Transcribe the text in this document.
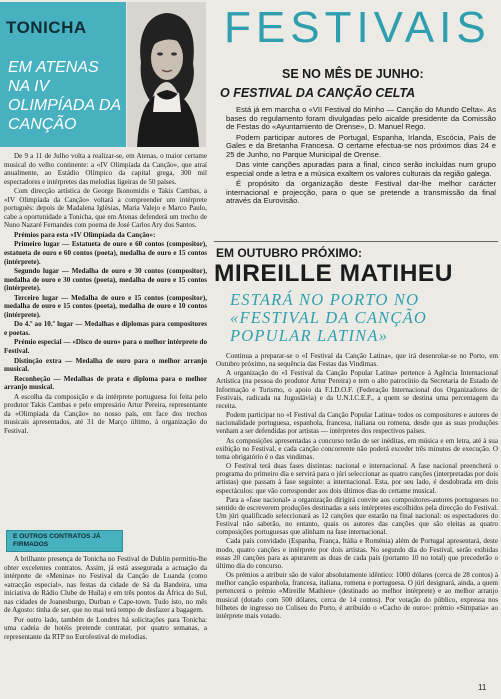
TONICHA
EM ATENAS NA IV OLIMPÍADA DA CANÇÃO

De 9 a 11 de Julho volta a realizar-se, em Atenas, o maior certame musical do velho continente: a «IV Olimpíada da Canção», que atraí anualmente, ao Estádio Olímpico da capital grega, 300 mil espectadores e intérpretes das melodias ligeiras de 50 países.

Com direcção artística de George Ikonomidis e Takis Cambas, a «IV Olimpíada da Canção» voltará a compreender um intérprete portuguès: depois de Madalena Iglésias, Maria Valejo e Marco Paulo, cabe a oportunidade a Tonicha, que em Atenas defenderá um trecho de Nuno Nazaré Fernandes com poema de José Carlos Ary dos Santos.

Prémios para esta «IV Olimpíada da Canção»:

Primeiro lugar — Estatueta de ouro e 60 contos (compositor), estatueta de ouro e 60 contos (poeta), medalha de ouro e 15 contos (intérprete).

Segundo lugar — Medalha de ouro e 30 contos (compositor), medalha de ouro e 30 contos (poeta), medalha de ouro e 15 contos (intérprete).

Terceiro lugar — Medalha de ouro e 15 contos (compositor), medalha de ouro e 15 contos (poeta), medalha de ouro e 10 contos (intérprete).

Do 4.º ao 10.º lugar — Medalhas e diplomas para compositores e poetas.

Prémio especial — «Disco de ouro» para o melhor intérprete do Festival.

Distinção extra — Medalha de ouro para o melhor arranjo musical.

Reconheção — Medalhas de prata e diploma para o melhor arranjo musical.

A escolha da composição e da intérprete portuguesa foi feita pelo produtor Takis Cambas e pelo empresário Artur Pereira, representante da «Olimpíada da Canção» no nosso país, em face dos trechos musicais apresentados, até 31 de Março último, à organização do Festival.

E OUTROS CONTRATOS JÁ FIRMADOS

A brilhante presença de Tonicha no Festival de Dublin permitiu-lhe obter excelentes contratos. Assim, já está assegurada a actuação da intérprete de «Menina» no Festival da Canção de Luanda (como «atracção especial», nas festas da cidade de Sá da Bandeira, uma iniciativa de Rádio Clube de Huíla) e em três pontos da África do Sul, nas cidades de Joanesburgo, Durban e Cape-town. Tudo isto, no mês de Agosto: tinha de ser, que no mai terá tempo de desfazer a bagagem.

Por outro lado, também de Londres há solicitações para Tonicha: uma cadeia de hotéis pretende contratar, por quatro semanas, a representante da RTP no Eurofestival de melodias.

FESTIVAIS
SE NO MÊS DE JUNHO:
O FESTIVAL DA CANÇÃO CELTA

Está já em marcha o «VII Festival do Minho — Canção do Mundo Celta». As bases do regulamento foram divulgadas pelo aicalde presidente da Comissão de Festas do «Ayuntamiento de Orense», D. Manuel Rego.

Podem participar autores de Portugal, Espanha, Irlanda, Escócia, País de Gales e da Bretanha Francesa. O certame efectua-se nos próximos dias 24 e 25 de Junho, no Parque Municipal de Orense.

Das vinte canções apuradas para a final, cinco serão incluídas num grupo especial onde a letra e a música exaltem os valores culturais da região galega.

É propósito da organização deste Festival dar-lhe melhor carácter internacional e projecção, para o que se pretende a transmissão da final através da Eurovisão.

EM OUTUBRO PRÓXIMO:
MIREILLE MATIHEU
ESTARÁ NO PORTO NO «FESTIVAL DA CANÇÃO POPULAR LATINA»

Continua a preparar-se o «I Festival da Canção Latina», que irá desenrolar-se no Porto, em Outubro próximo, na sequência das Festas das Vindimas.

A organização do «I Festival da Canção Popular Latina» pertence à Agência Internacional Artística (na pessoa do produtor Artur Pereira) e tem o alto patrocínio da Secretaria de Estado de Informação e Turismo, o apoio da F.I.D.O.F. (Federação Internacional dos Organizadores de Festivais, radicada na Jugoslávia) e da U.N.I.C.E.F., a quem se destina uma percentagem da receita.

Podem participar no «I Festival da Canção Popular Latina» todos os compositores e autores de nacionalidade portuguesa, espanhola, francesa, italiana ou romena, desde que as suas produções venham a ser defendidas por artistas — intérpretes dos respectivos países.

As composições apresentadas a concurso terão de ser inéditas, em música e em letra, até à sua exibição no Festival, e cada canção concorrente não poderá exceder três minutos de execução. O tema obrigatório é o das vindimas.

O Festival terá duas fases distintas: nacional e internacional. A fase nacional preencherá o programa do primeiro dia e servirá para o júri seleccionar as quatro canções (interpretadas por dois artistas) que passam à fase seguinte: a internacional. Esta, por seu lado, é desdobrada em dois espectáculos: que vão corresponder aos dois últimos dias do certame musical.

Para a «fase nacional» a organização dirigirá convite aos compositores-autores portugueses no sentido de escreverem produções destinadas a seis intérpretes escolhidos pela direcção do Festival. Um júri qualificado seleccionará as 12 canções que estarão na final nacional: os espectadores do Festival não saberão, no entanto, quais os autores das canções que são eleitas as quatro composições portuguesas que alinham na fase internacional.

Cada país convidado (Espanha, França, Itália e Roménia) além de Portugal apresentará, deste modo, quatro canções e intérprete por dois artistas. No segundo dia do Festival, serão exibidas essas 20 canções para as apurarem as duas de cada país (portanto 10 no total) que precederão o último dia do concurso.

Os prémios a atribuir são de valor absolutamente idêntico: 1000 dólares (cerca de 28 contos) à melhor canção espanhola, francesa, italiana, romena e portuguesa. O júri designará, ainda, a quem pertencerá o prémio «Mireille Mathieu» (destinado ao melhor intérprete) e ao melhor arranjo musical (dotado com 500 dólares, cerca de 14 contos). Por votação do público, expressa nos bilhetes de ingresso no Coliseu do Porto, é atribuído o «Cacho de ouro»: prémio «Simpatia» ao intérprete mais votado.

11
